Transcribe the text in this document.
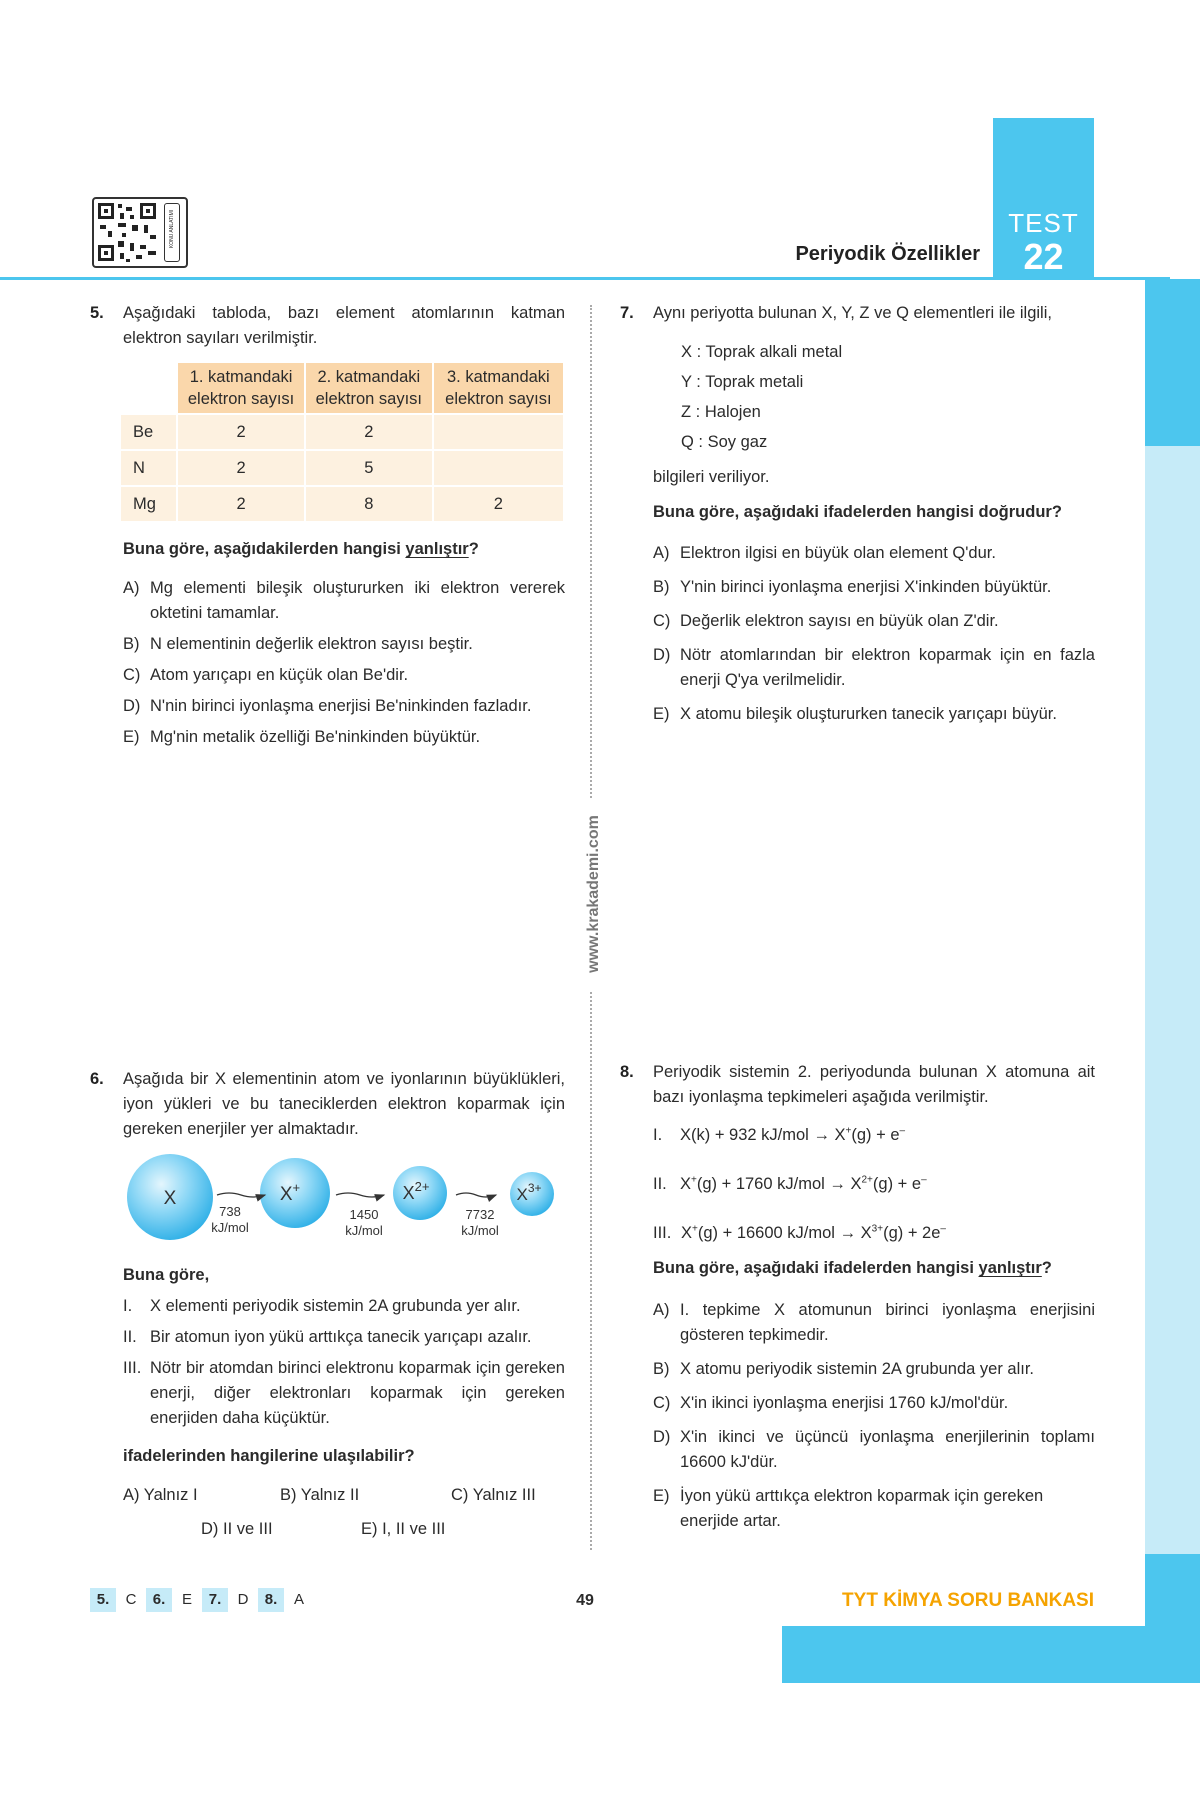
KONU ANLATIMI
Periyodik Özellikler
TEST
22
www.krakademi.com
5. Aşağıdaki tabloda, bazı element atomlarının katman elektron sayıları verilmiştir.

	1. katmandaki elektron sayısı	2. katmandaki elektron sayısı	3. katmandaki elektron sayısı
Be	2	2	
N	2	5	
Mg	2	8	2

Buna göre, aşağıdakilerden hangisi yanlıştır?

A) Mg elementi bileşik oluştururken iki elektron vererek oktetini tamamlar.
B) N elementinin değerlik elektron sayısı beştir.
C) Atom yarıçapı en küçük olan Be'dir.
D) N'nin birinci iyonlaşma enerjisi Be'ninkinden fazladır.
E) Mg'nin metalik özelliği Be'ninkinden büyüktür.
7. Aynı periyotta bulunan X, Y, Z ve Q elementleri ile ilgili,

X : Toprak alkali metal
Y : Toprak metali
Z : Halojen
Q : Soy gaz

bilgileri veriliyor.

Buna göre, aşağıdaki ifadelerden hangisi doğrudur?

A) Elektron ilgisi en büyük olan element Q'dur.
B) Y'nin birinci iyonlaşma enerjisi X'inkinden büyüktür.
C) Değerlik elektron sayısı en büyük olan Z'dir.
D) Nötr atomlarından bir elektron koparmak için en fazla enerji Q'ya verilmelidir.
E) X atomu bileşik oluştururken tanecik yarıçapı büyür.
6. Aşağıda bir X elementinin atom ve iyonlarının büyüklükleri, iyon yükleri ve bu taneciklerden elektron koparmak için gereken enerjiler yer almaktadır.

X	X+	$X^{2+}$	$X^{3+}$
738
kJ/mol
1450
kJ/mol
7732
kJ/mol

Buna göre,

I. X elementi periyodik sistemin 2A grubunda yer alır.
II. Bir atomun iyon yükü arttıkça tanecik yarıçapı azalır.
III. Nötr bir atomdan birinci elektronu koparmak için gereken enerji, diğer elektronları koparmak için gereken enerjiden daha küçüktür.

ifadelerinden hangilerine ulaşılabilir?

A) Yalnız I	B) Yalnız II	C) Yalnız III
D) II ve III	E) I, II ve III
8. Periyodik sistemin 2. periyodunda bulunan X atomuna ait bazı iyonlaşma tepkimeleri aşağıda verilmiştir.

I. X(k) + 932 kJ/mol → X+(g) + e–
II. X+(g) + 1760 $kJ/mol \to X^{2+}(g) + e^-$
III. X+(g) + 16600 $kJ/mol \to X^{3+}(g) + 2e^-$

Buna göre, aşağıdaki ifadelerden hangisi yanlıştır?

A) I. tepkime X atomunun birinci iyonlaşma enerjisini gösteren tepkimedir.
B) X atomu periyodik sistemin 2A grubunda yer alır.
C) X'in ikinci iyonlaşma enerjisi 1760 kJ/mol'dür.
D) X'in ikinci ve üçüncü iyonlaşma enerjilerinin toplamı 16600 kJ'dür.
E) İyon yükü arttıkça elektron koparmak için gereken enerjide artar.
5.	C	6.	E	7.	D	8.	A	49	TYT KİMYA SORU BANKASI
